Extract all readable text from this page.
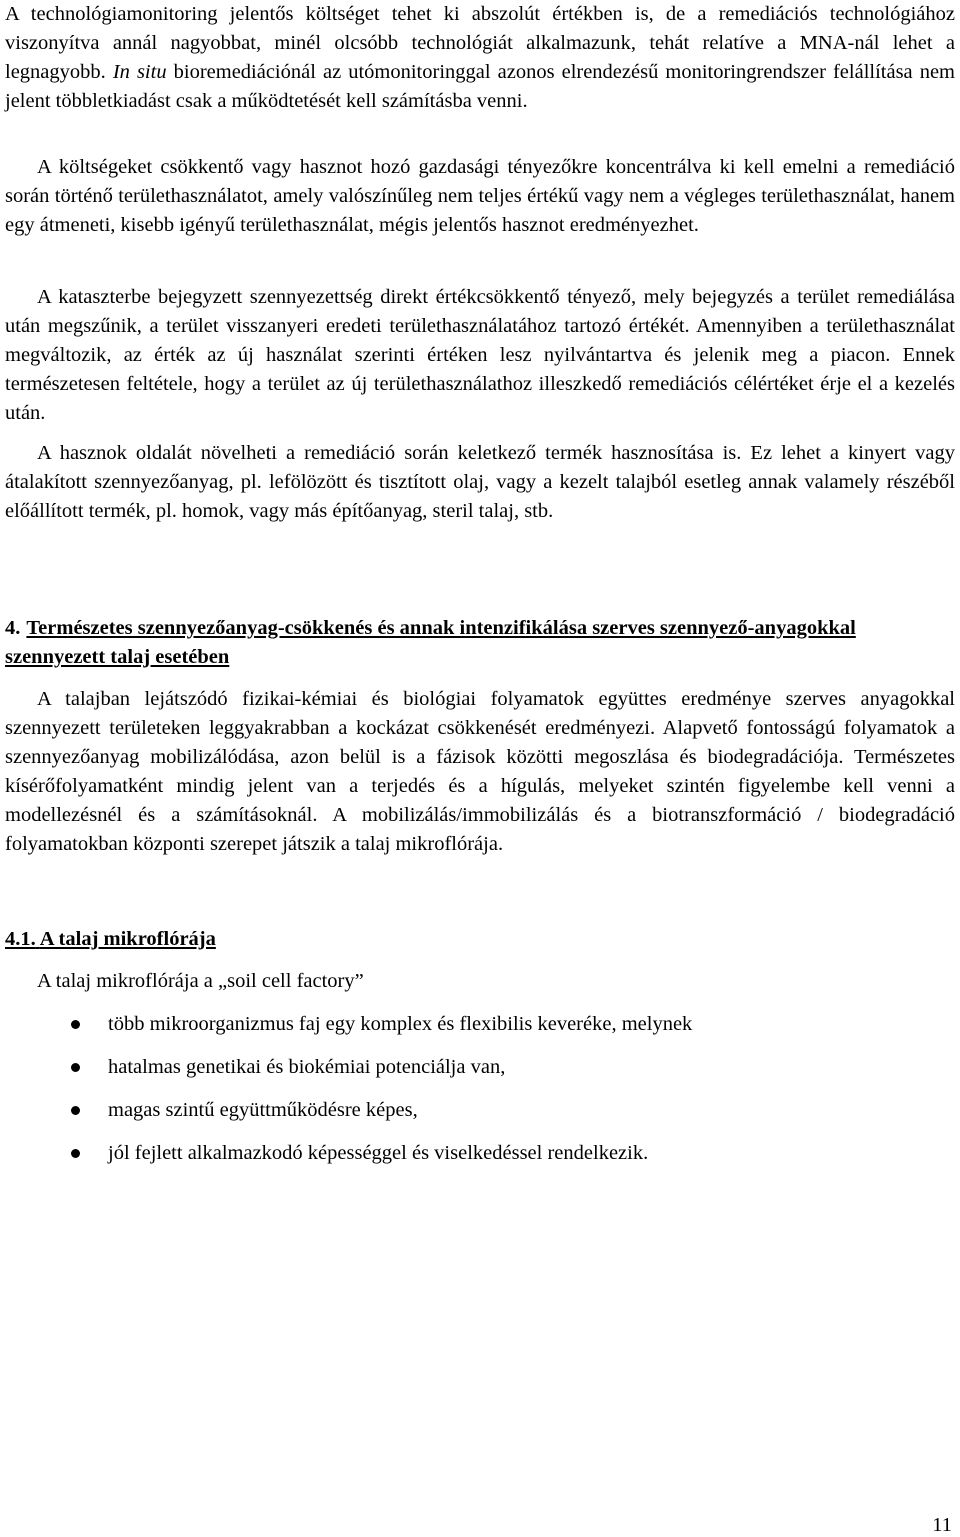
A technológiamonitoring jelentős költséget tehet ki abszolút értékben is, de a remediációs technológiához viszonyítva annál nagyobbat, minél olcsóbb technológiát alkalmazunk, tehát relatíve a MNA-nál lehet a legnagyobb. In situ bioremediációnál az utómonitoringgal azonos elrendezésű monitoringrendszer felállítása nem jelent többletkiadást csak a működtetését kell számításba venni.

A költségeket csökkentő vagy hasznot hozó gazdasági tényezőkre koncentrálva ki kell emelni a remediáció során történő területhasználatot, amely valószínűleg nem teljes értékű vagy nem a végleges területhasználat, hanem egy átmeneti, kisebb igényű területhasználat, mégis jelentős hasznot eredményezhet.

A kataszterbe bejegyzett szennyezettség direkt értékcsökkentő tényező, mely bejegyzés a terület remediálása után megszűnik, a terület visszanyeri eredeti területhasználatához tartozó értékét. Amennyiben a területhasználat megváltozik, az érték az új használat szerinti értéken lesz nyilvántartva és jelenik meg a piacon. Ennek természetesen feltétele, hogy a terület az új területhasználathoz illeszkedő remediációs célértéket érje el a kezelés után.

A hasznok oldalát növelheti a remediáció során keletkező termék hasznosítása is. Ez lehet a kinyert vagy átalakított szennyezőanyag, pl. lefölözött és tisztított olaj, vagy a kezelt talajból esetleg annak valamely részéből előállított termék, pl. homok, vagy más építőanyag, steril talaj, stb.

4. Természetes szennyezőanyag-csökkenés és annak intenzifikálása szerves szennyező-anyagokkal szennyezett talaj esetében

A talajban lejátszódó fizikai-kémiai és biológiai folyamatok együttes eredménye szerves anyagokkal szennyezett területeken leggyakrabban a kockázat csökkenését eredményezi. Alapvető fontosságú folyamatok a szennyezőanyag mobilizálódása, azon belül is a fázisok közötti megoszlása és biodegradációja. Természetes kísérőfolyamatként mindig jelent van a terjedés és a hígulás, melyeket szintén figyelembe kell venni a modellezésnél és a számításoknál. A mobilizálás/immobilizálás és a biotranszformáció / biodegradáció folyamatokban központi szerepet játszik a talaj mikroflórája.

4.1. A talaj mikroflórája

A talaj mikroflórája a „soil cell factory”

több mikroorganizmus faj egy komplex és flexibilis keveréke, melynek
hatalmas genetikai és biokémiai potenciálja van,
magas szintű együttműködésre képes,
jól fejlett alkalmazkodó képességgel és viselkedéssel rendelkezik.
11
